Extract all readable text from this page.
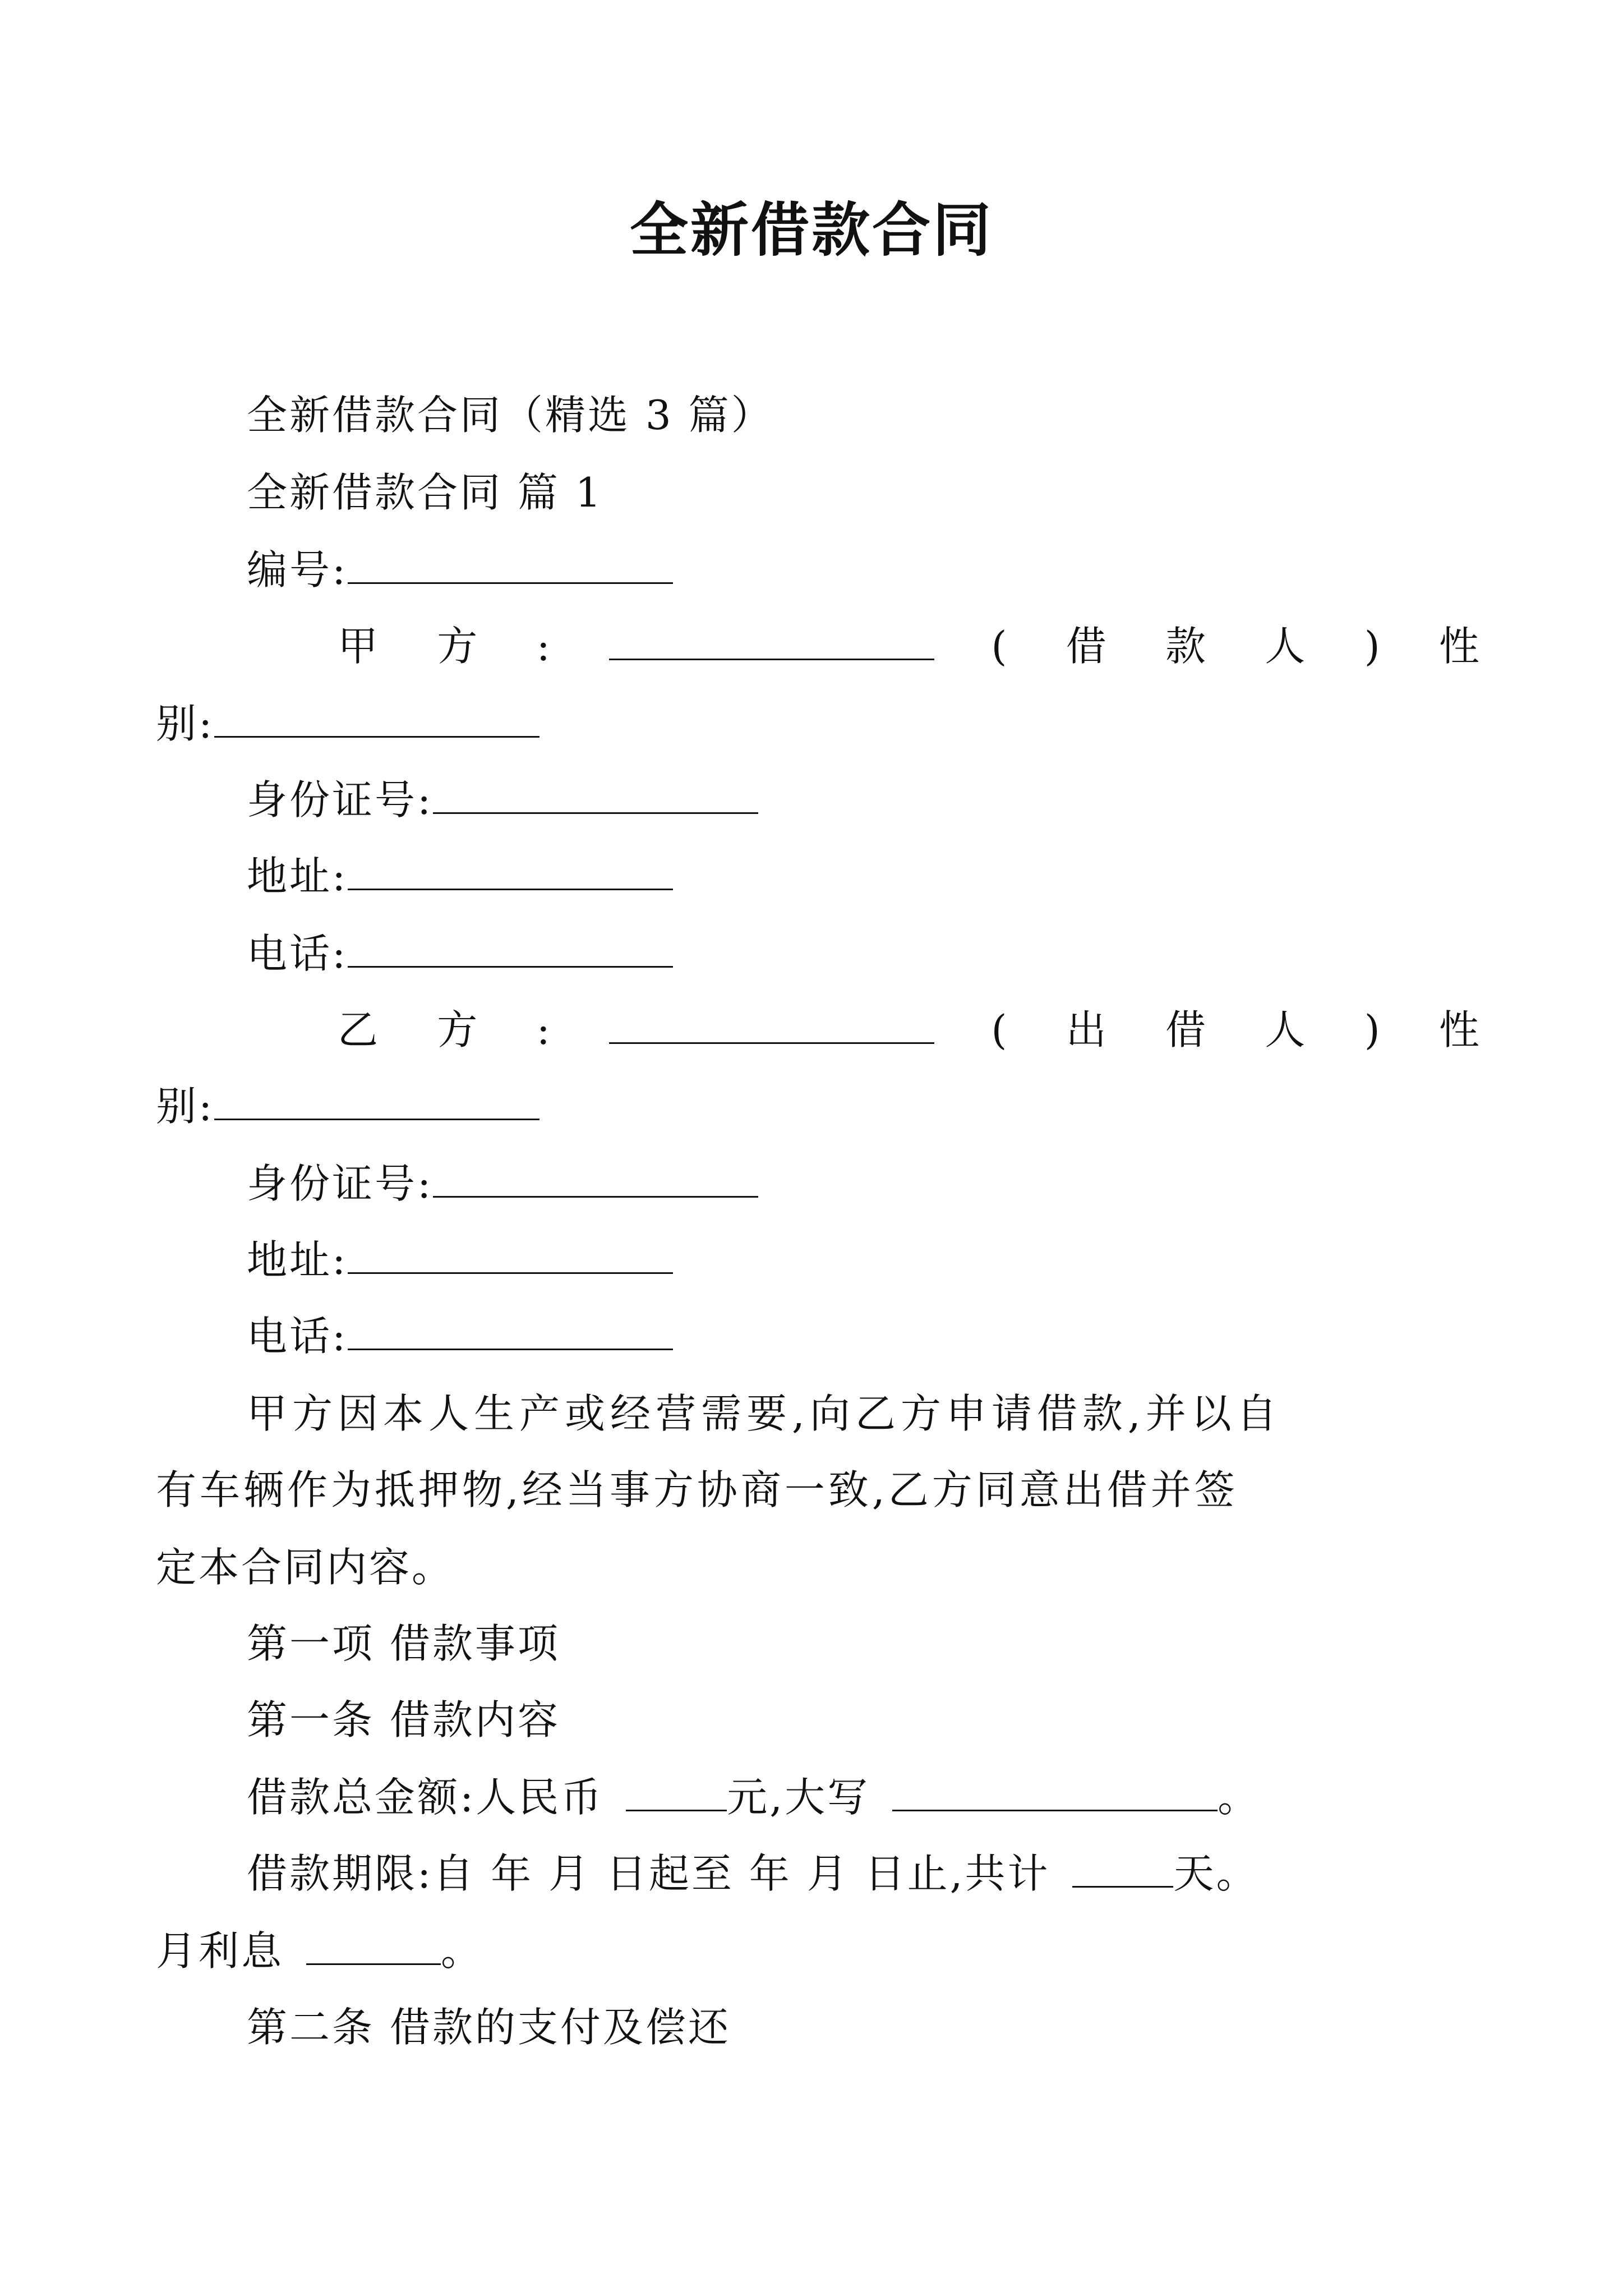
全新借款合同
全新借款合同（精选 3 篇）
全新借款合同 篇 1
编号:
甲 方 :	( 借 款 人 ) 性
别:
身份证号:
地址:
电话:
乙 方 :	( 出 借 人 ) 性
别:
身份证号:
地址:
电话:
甲方因本人生产或经营需要,向乙方申请借款,并以自
有车辆作为抵押物,经当事方协商一致,乙方同意出借并签
定本合同内容。
第一项 借款事项
第一条 借款内容
借款总金额:人民币	元,大写	。
借款期限:自 年 月 日起至 年 月 日止,共计	天。
月利息	。
第二条 借款的支付及偿还
